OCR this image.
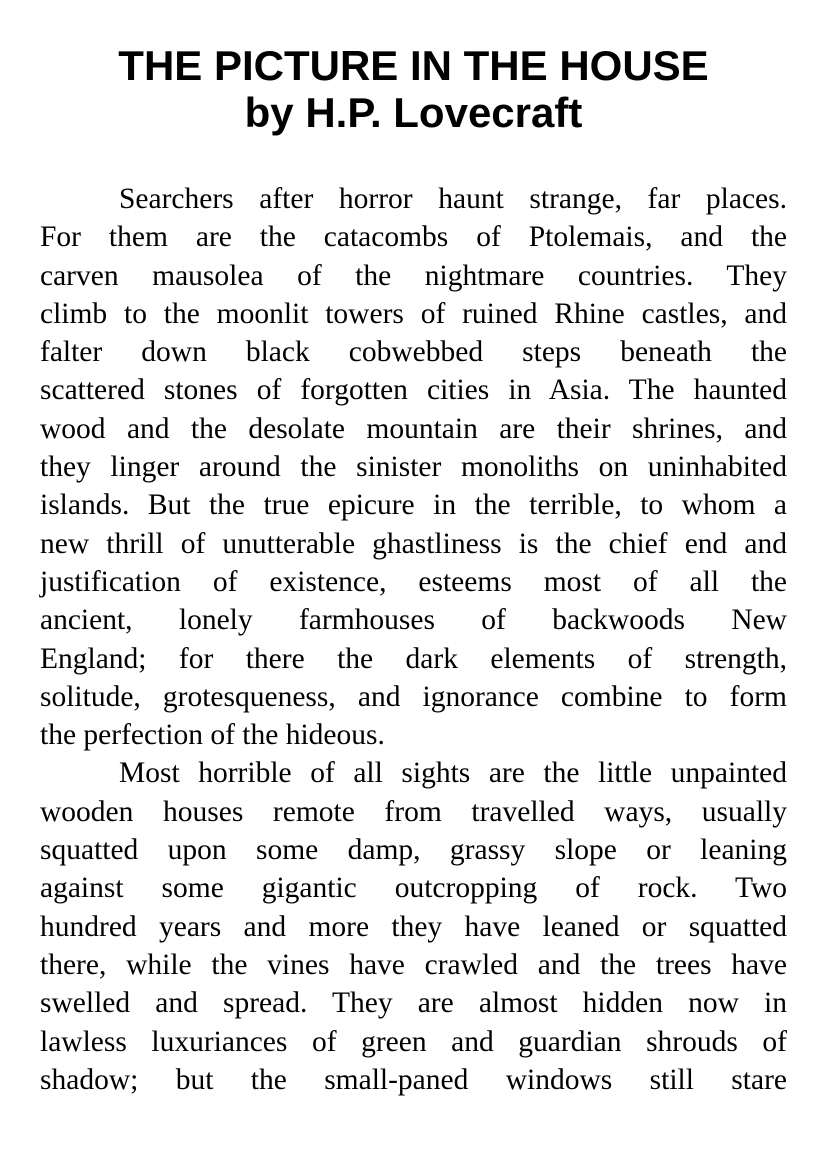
THE PICTURE IN THE HOUSE
by H.P. Lovecraft
Searchers after horror haunt strange, far places.
For them are the catacombs of Ptolemais, and the
carven mausolea of the nightmare countries. They
climb to the moonlit towers of ruined Rhine castles, and
falter down black cobwebbed steps beneath the
scattered stones of forgotten cities in Asia. The haunted
wood and the desolate mountain are their shrines, and
they linger around the sinister monoliths on uninhabited
islands. But the true epicure in the terrible, to whom a
new thrill of unutterable ghastliness is the chief end and
justification of existence, esteems most of all the
ancient, lonely farmhouses of backwoods New
England; for there the dark elements of strength,
solitude, grotesqueness, and ignorance combine to form
the perfection of the hideous.
Most horrible of all sights are the little unpainted
wooden houses remote from travelled ways, usually
squatted upon some damp, grassy slope or leaning
against some gigantic outcropping of rock. Two
hundred years and more they have leaned or squatted
there, while the vines have crawled and the trees have
swelled and spread. They are almost hidden now in
lawless luxuriances of green and guardian shrouds of
shadow; but the small-paned windows still stare
